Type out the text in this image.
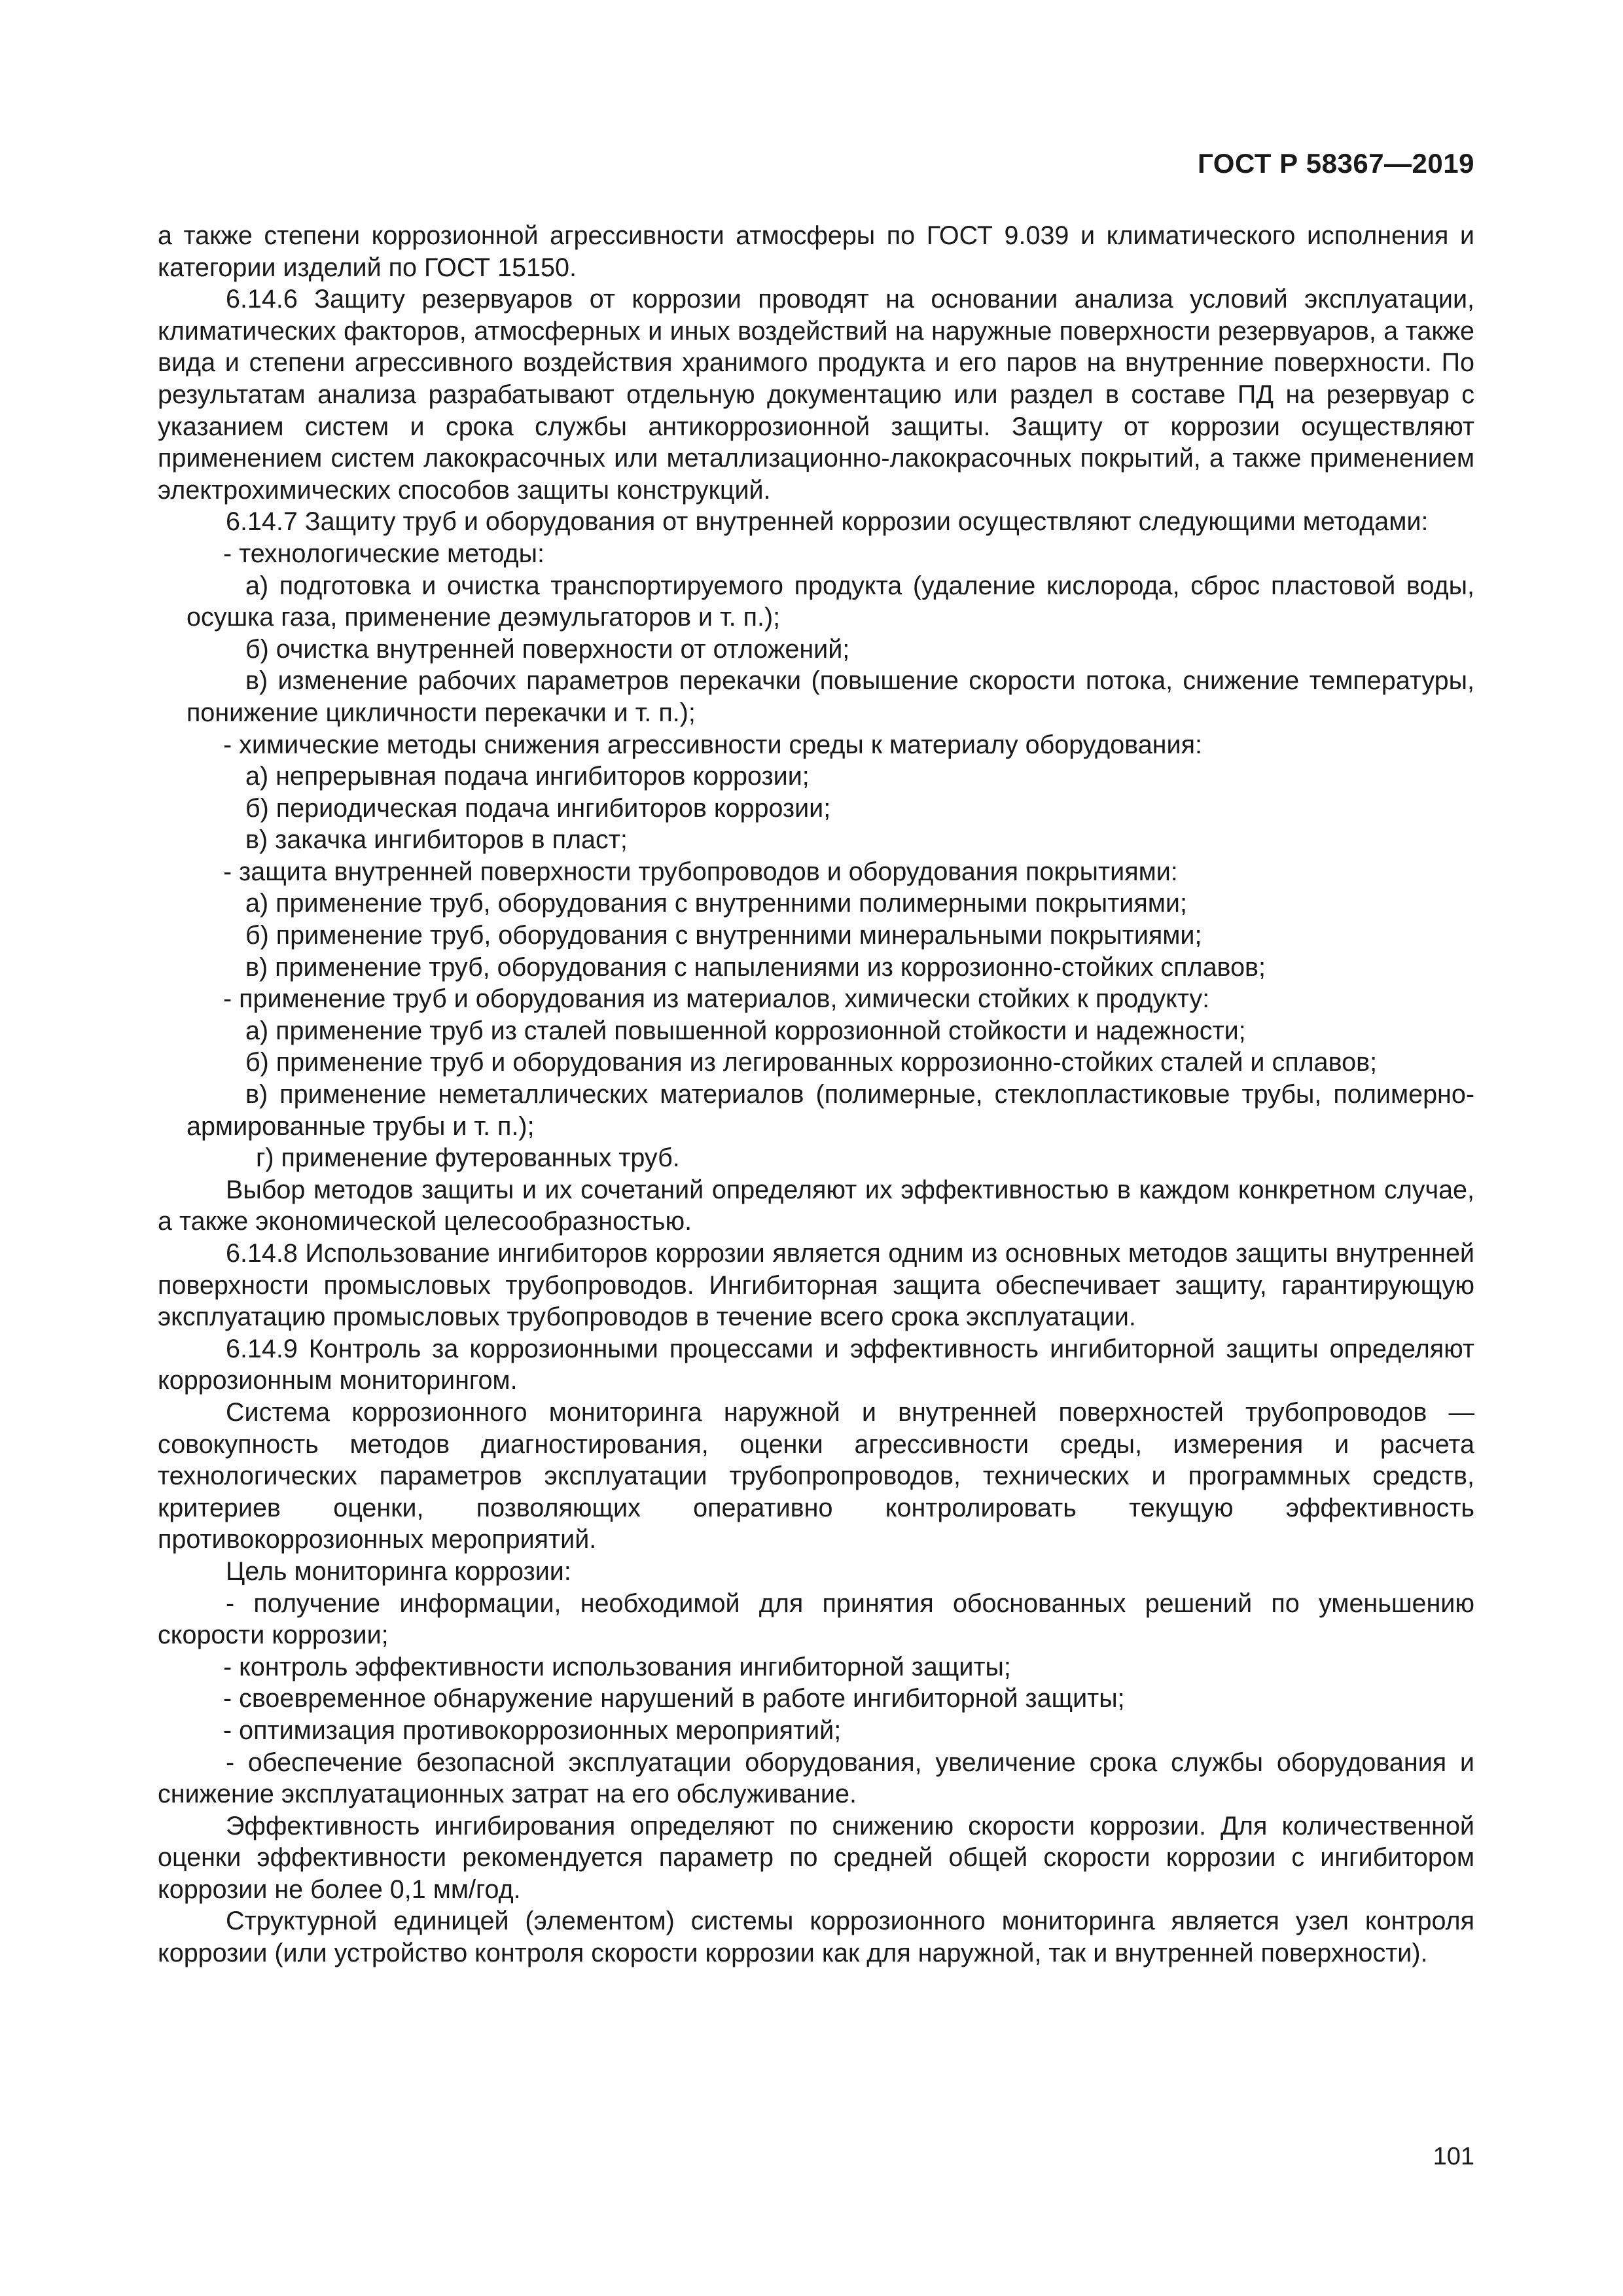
ГОСТ Р 58367—2019

а также степени коррозионной агрессивности атмосферы по ГОСТ 9.039 и климатического исполнения и категории изделий по ГОСТ 15150.

6.14.6 Защиту резервуаров от коррозии проводят на основании анализа условий эксплуатации, климатических факторов, атмосферных и иных воздействий на наружные поверхности резервуаров, а также вида и степени агрессивного воздействия хранимого продукта и его паров на внутренние поверхности. По результатам анализа разрабатывают отдельную документацию или раздел в составе ПД на резервуар с указанием систем и срока службы антикоррозионной защиты. Защиту от коррозии осуществляют применением систем лакокрасочных или металлизационно-лакокрасочных покрытий, а также применением электрохимических способов защиты конструкций.

6.14.7 Защиту труб и оборудования от внутренней коррозии осуществляют следующими методами:

- технологические методы:

а) подготовка и очистка транспортируемого продукта (удаление кислорода, сброс пластовой воды, осушка газа, применение деэмульгаторов и т. п.);

б) очистка внутренней поверхности от отложений;

в) изменение рабочих параметров перекачки (повышение скорости потока, снижение температуры, понижение цикличности перекачки и т. п.);

- химические методы снижения агрессивности среды к материалу оборудования:

а) непрерывная подача ингибиторов коррозии;

б) периодическая подача ингибиторов коррозии;

в) закачка ингибиторов в пласт;

- защита внутренней поверхности трубопроводов и оборудования покрытиями:

а) применение труб, оборудования с внутренними полимерными покрытиями;

б) применение труб, оборудования с внутренними минеральными покрытиями;

в) применение труб, оборудования с напылениями из коррозионно-стойких сплавов;

- применение труб и оборудования из материалов, химически стойких к продукту:

а) применение труб из сталей повышенной коррозионной стойкости и надежности;

б) применение труб и оборудования из легированных коррозионно-стойких сталей и сплавов;

в) применение неметаллических материалов (полимерные, стеклопластиковые трубы, полимерно-армированные трубы и т. п.);

г) применение футерованных труб.

Выбор методов защиты и их сочетаний определяют их эффективностью в каждом конкретном случае, а также экономической целесообразностью.

6.14.8 Использование ингибиторов коррозии является одним из основных методов защиты внутренней поверхности промысловых трубопроводов. Ингибиторная защита обеспечивает защиту, гарантирующую эксплуатацию промысловых трубопроводов в течение всего срока эксплуатации.

6.14.9 Контроль за коррозионными процессами и эффективность ингибиторной защиты определяют коррозионным мониторингом.

Система коррозионного мониторинга наружной и внутренней поверхностей трубопроводов — совокупность методов диагностирования, оценки агрессивности среды, измерения и расчета технологических параметров эксплуатации трубопропроводов, технических и программных средств, критериев оценки, позволяющих оперативно контролировать текущую эффективность противокоррозионных мероприятий.

Цель мониторинга коррозии:

- получение информации, необходимой для принятия обоснованных решений по уменьшению скорости коррозии;

- контроль эффективности использования ингибиторной защиты;

- своевременное обнаружение нарушений в работе ингибиторной защиты;

- оптимизация противокоррозионных мероприятий;

- обеспечение безопасной эксплуатации оборудования, увеличение срока службы оборудования и снижение эксплуатационных затрат на его обслуживание.

Эффективность ингибирования определяют по снижению скорости коррозии. Для количественной оценки эффективности рекомендуется параметр по средней общей скорости коррозии с ингибитором коррозии не более 0,1 мм/год.

Структурной единицей (элементом) системы коррозионного мониторинга является узел контроля коррозии (или устройство контроля скорости коррозии как для наружной, так и внутренней поверхности).

101
